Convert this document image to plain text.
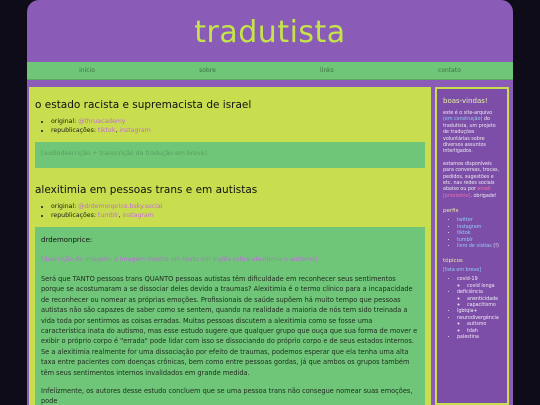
tradutista
início	sobre	links	contato
o estado racista e supremacista de israel
• original: @thruacademy
• republicações: tiktok, instagram
[audiodescrição + transcrição da tradução em breve]
alexitimia em pessoas trans e em autistas
• original: @drdemonprice.bsky.social
• republicações: tumblr, instagram
drdemonprice:
[descrição da imagem: a imagem mostra um texto em inglês sobre alexitimia e autismo]

Será que TANTO pessoas trans QUANTO pessoas autistas têm dificuldade em reconhecer seus sentimentos porque se acostumaram a se dissociar deles devido a traumas? Alexitimia é o termo clínico para a incapacidade de reconhecer ou nomear as próprias emoções. Profissionais de saúde supõem há muito tempo que pessoas autistas não são capazes de saber como se sentem, quando na realidade a maioria de nós tem sido treinada a vida toda por sentirmos as coisas erradas. Muitas pessoas discutem a alexitimia como se fosse uma característica inata do autismo, mas esse estudo sugere que qualquer grupo que ouça que sua forma de mover e exibir o próprio corpo é "errada" pode lidar com isso se dissociando do próprio corpo e de seus estados internos. Se a alexitimia realmente for uma dissociação por efeito de traumas, podemos esperar que ela tenha uma alta taxa entre pacientes com doenças crônicas, bem como entre pessoas gordas, já que ambos os grupos também têm seus sentimentos internos invalidados em grande medida.

Infelizmente, os autores desse estudo concluem que se uma pessoa trans não consegue nomear suas emoções, pode

boas-vindas!

este é o site-arquivo (em construção) do tradutista, um projeto de traduções voluntárias sobre diversos assuntos interligados.

estamos disponíveis para conversas, trocas, pedidos, sugestões e etc. nas redes sociais abaixo ou por email [provisório]. obrigade!

perfis
• twitter
• instagram
• tiktok
• tumblr
• livro de visitas (!)
tópicos
[lista em breve]
• covid-19
◦ covid longa
• deficiência
◦ anenticidade
◦ capacitismo
• lgbtqia+
• neurodivergência
◦ autismo
◦ tdah
• palestina
